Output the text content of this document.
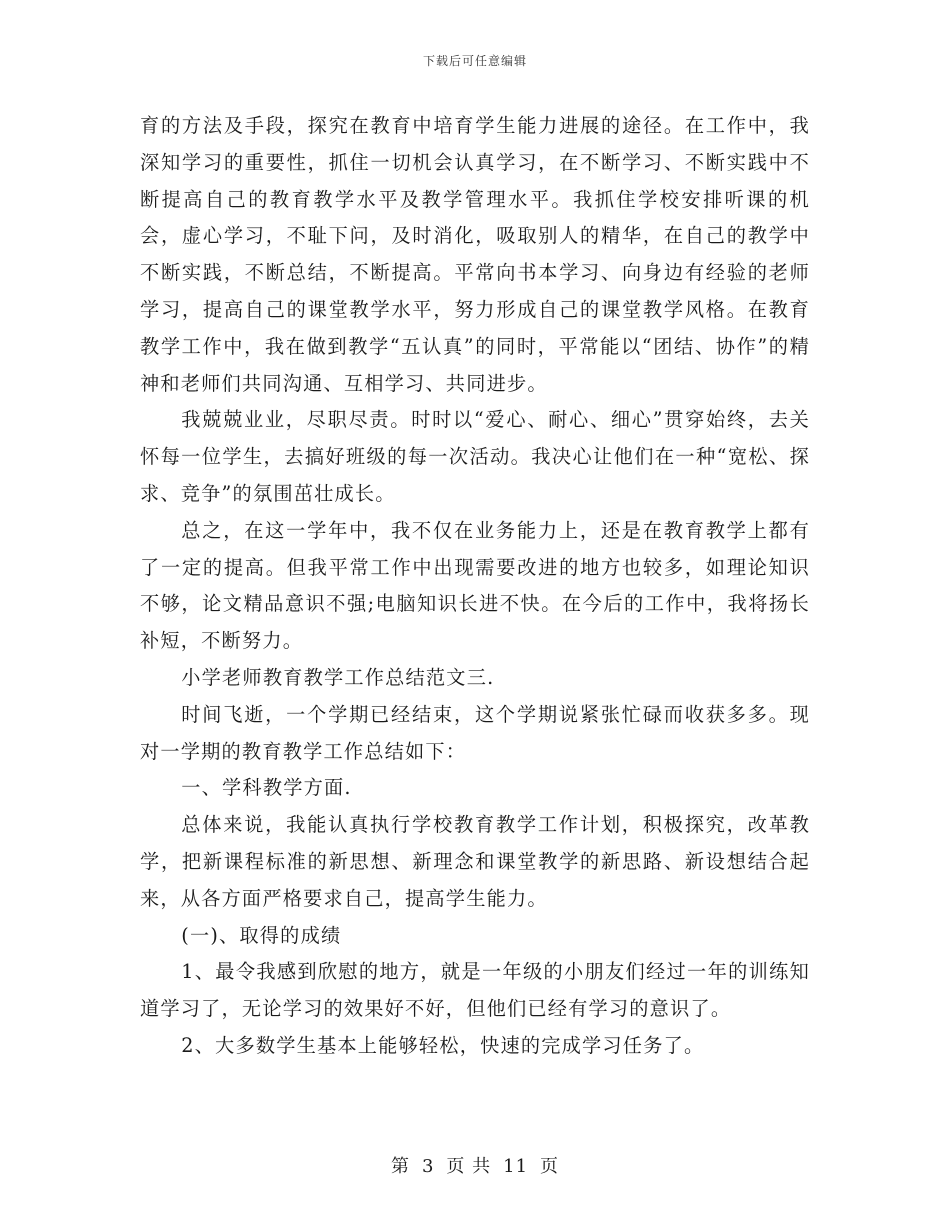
下载后可任意编辑

育的方法及手段，探究在教育中培育学生能力进展的途径。在工作中，我深知学习的重要性，抓住一切机会认真学习，在不断学习、不断实践中不断提高自己的教育教学水平及教学管理水平。我抓住学校安排听课的机会，虚心学习，不耻下问，及时消化，吸取别人的精华，在自己的教学中不断实践，不断总结，不断提高。平常向书本学习、向身边有经验的老师学习，提高自己的课堂教学水平，努力形成自己的课堂教学风格。在教育教学工作中，我在做到教学“五认真”的同时，平常能以“团结、协作”的精神和老师们共同沟通、互相学习、共同进步。

我兢兢业业，尽职尽责。时时以“爱心、耐心、细心”贯穿始终，去关怀每一位学生，去搞好班级的每一次活动。我决心让他们在一种“宽松、探求、竞争”的氛围茁壮成长。

总之，在这一学年中，我不仅在业务能力上，还是在教育教学上都有了一定的提高。但我平常工作中出现需要改进的地方也较多，如理论知识不够，论文精品意识不强;电脑知识长进不快。在今后的工作中，我将扬长补短，不断努力。

小学老师教育教学工作总结范文三.

时间飞逝，一个学期已经结束，这个学期说紧张忙碌而收获多多。现对一学期的教育教学工作总结如下：

一、学科教学方面.

总体来说，我能认真执行学校教育教学工作计划，积极探究，改革教学，把新课程标准的新思想、新理念和课堂教学的新思路、新设想结合起来，从各方面严格要求自己，提高学生能力。

(一)、取得的成绩

1、最令我感到欣慰的地方，就是一年级的小朋友们经过一年的训练知道学习了，无论学习的效果好不好，但他们已经有学习的意识了。

2、大多数学生基本上能够轻松，快速的完成学习任务了。

第 3 页 共 11 页
